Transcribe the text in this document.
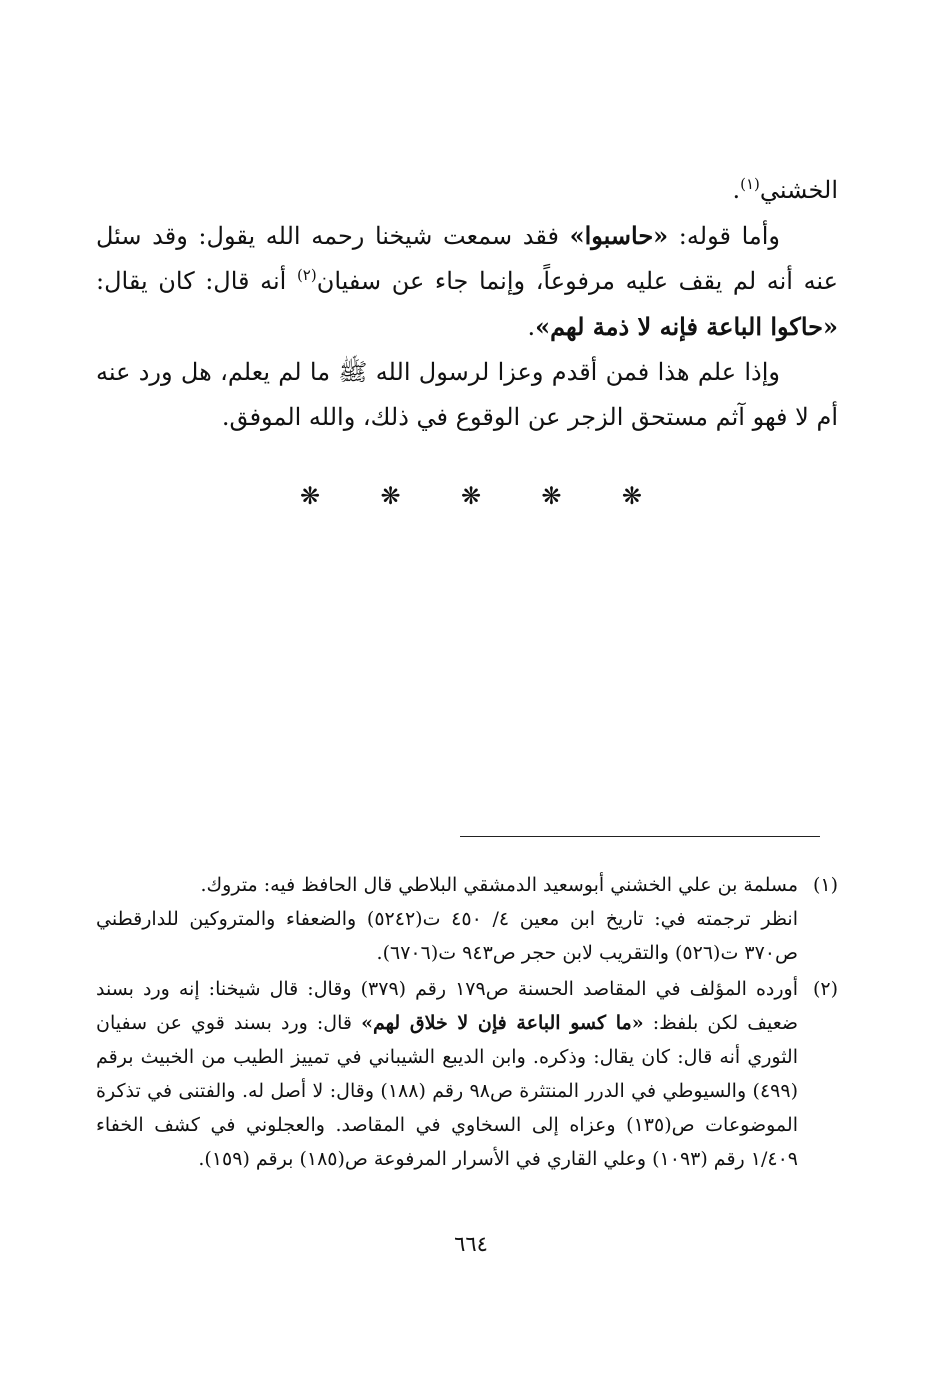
الخشني$^{(١)}$.

وأما قوله: «حاسبوا» فقد سمعت شيخنا رحمه الله يقول: وقد سئل عنه أنه لم يقف عليه مرفوعاً، وإنما جاء عن سفيان$^{(٢)}$ أنه قال: كان يقال: «حاكوا الباعة فإنه لا ذمة لهم».

وإذا علم هذا فمن أقدم وعزا لرسول الله ﷺ ما لم يعلم، هل ورد عنه أم لا فهو آثم مستحق الزجر عن الوقوع في ذلك، والله الموفق.

❋	❋	❋	❋	❋
(١)

مسلمة بن علي الخشني أبوسعيد الدمشقي البلاطي قال الحافظ فيه: متروك.

انظر ترجمته في: تاريخ ابن معين ٤/ ٤٥٠ ت(٥٢٤٢) والضعفاء والمتروكين للدارقطني ص٣٧٠ ت(٥٢٦) والتقريب لابن حجر ص٩٤٣ ت(٦٧٠٦).

(٢)

أورده المؤلف في المقاصد الحسنة ص١٧٩ رقم (٣٧٩) وقال: قال شيخنا: إنه ورد بسند ضعيف لكن بلفظ: «ما كسو الباعة فإن لا خلاق لهم» قال: ورد بسند قوي عن سفيان الثوري أنه قال: كان يقال: وذكره. وابن الديبع الشيباني في تمييز الطيب من الخبيث برقم (٤٩٩) والسيوطي في الدرر المنتثرة ص٩٨ رقم (١٨٨) وقال: لا أصل له. والفتنى في تذكرة الموضوعات ص(١٣٥) وعزاه إلى السخاوي في المقاصد. والعجلوني في كشف الخفاء ١/٤٠٩ رقم (١٠٩٣) وعلي القاري في الأسرار المرفوعة ص(١٨٥) برقم (١٥٩).

٦٦٤
